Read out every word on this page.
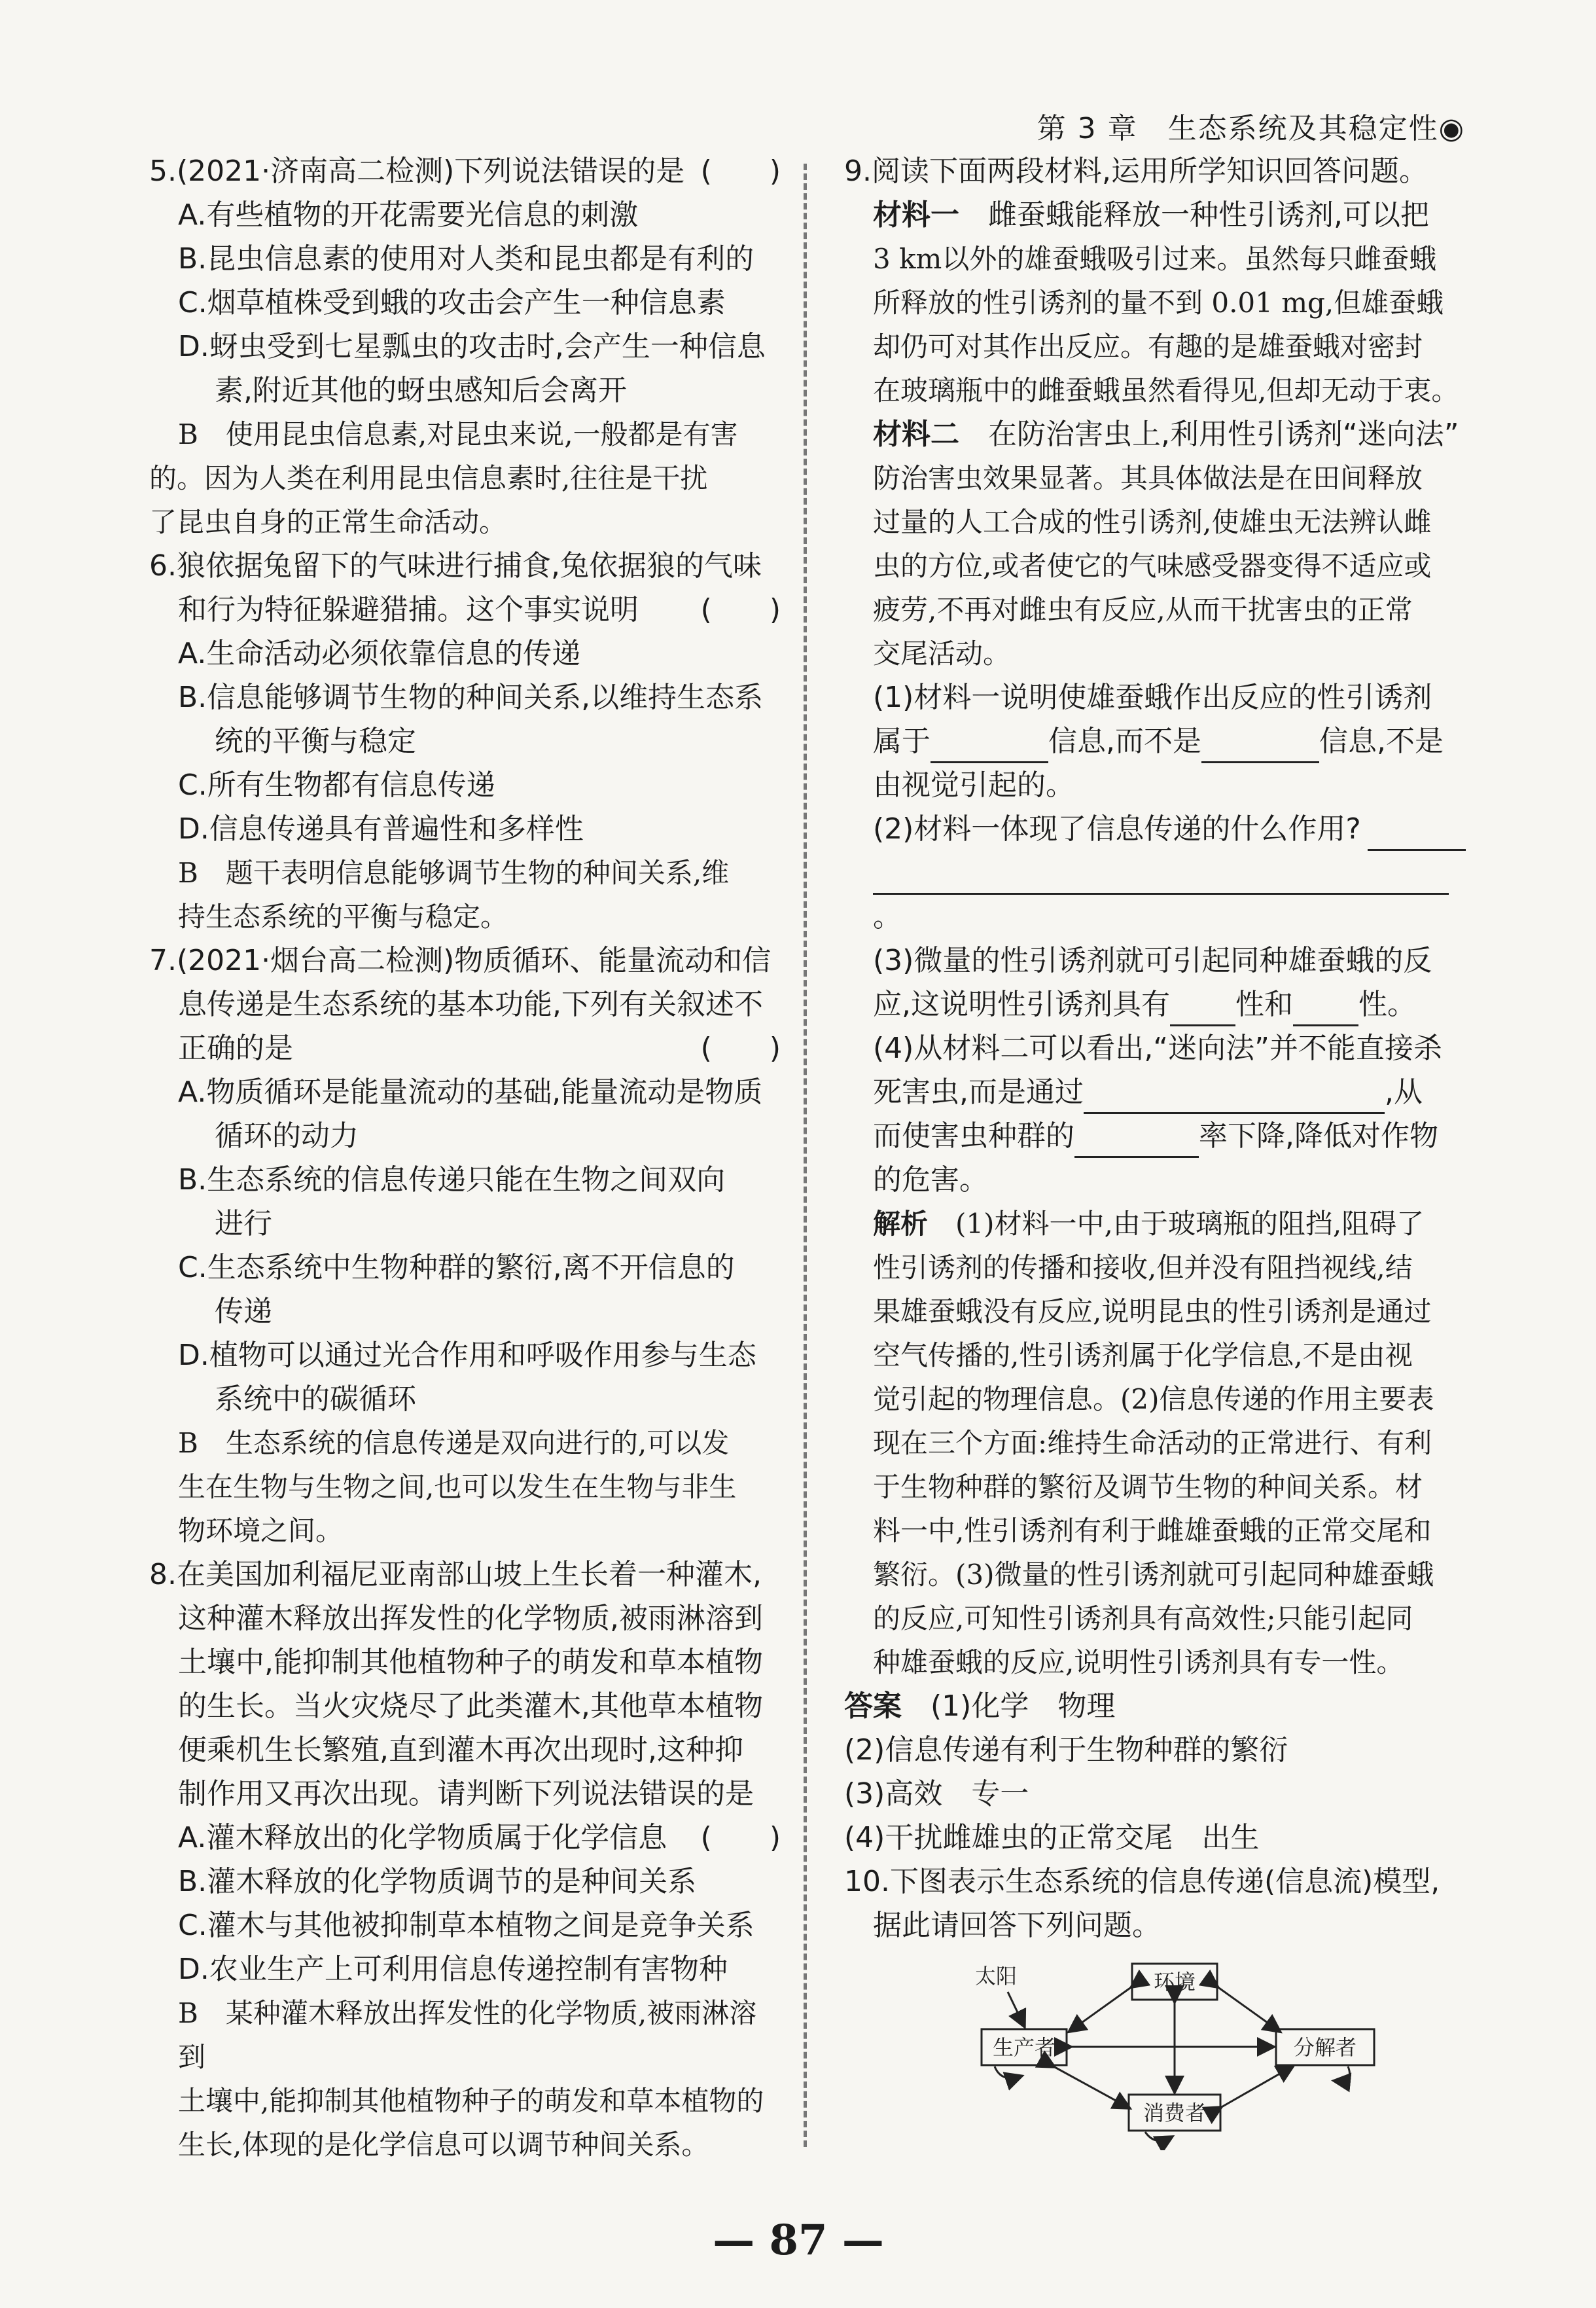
第 3 章　生态系统及其稳定性◉

5.(2021·济南高二检测)下列说法错误的是 (　　)

A.有些植物的开花需要光信息的刺激

B.昆虫信息素的使用对人类和昆虫都是有利的

C.烟草植株受到蛾的攻击会产生一种信息素

D.蚜虫受到七星瓢虫的攻击时,会产生一种信息

素,附近其他的蚜虫感知后会离开

B　使用昆虫信息素,对昆虫来说,一般都是有害

的。因为人类在利用昆虫信息素时,往往是干扰

了昆虫自身的正常生命活动。

6.狼依据兔留下的气味进行捕食,兔依据狼的气味

和行为特征躲避猎捕。这个事实说明 (　　)

A.生命活动必须依靠信息的传递

B.信息能够调节生物的种间关系,以维持生态系

统的平衡与稳定

C.所有生物都有信息传递

D.信息传递具有普遍性和多样性

B　题干表明信息能够调节生物的种间关系,维

持生态系统的平衡与稳定。

7.(2021·烟台高二检测)物质循环、能量流动和信

息传递是生态系统的基本功能,下列有关叙述不

正确的是	(　　)

A.物质循环是能量流动的基础,能量流动是物质

循环的动力

B.生态系统的信息传递只能在生物之间双向

进行

C.生态系统中生物种群的繁衍,离不开信息的

传递

D.植物可以通过光合作用和呼吸作用参与生态

系统中的碳循环

B　生态系统的信息传递是双向进行的,可以发

生在生物与生物之间,也可以发生在生物与非生

物环境之间。

8.在美国加利福尼亚南部山坡上生长着一种灌木,

这种灌木释放出挥发性的化学物质,被雨淋溶到

土壤中,能抑制其他植物种子的萌发和草本植物

的生长。当火灾烧尽了此类灌木,其他草本植物

便乘机生长繁殖,直到灌木再次出现时,这种抑

制作用又再次出现。请判断下列说法错误的是

(　　)

A.灌木释放出的化学物质属于化学信息

B.灌木释放的化学物质调节的是种间关系

C.灌木与其他被抑制草本植物之间是竞争关系

D.农业生产上可利用信息传递控制有害物种

B　某种灌木释放出挥发性的化学物质,被雨淋溶到

土壤中,能抑制其他植物种子的萌发和草本植物的

生长,体现的是化学信息可以调节种间关系。

9.阅读下面两段材料,运用所学知识回答问题。

材料一　 雌蚕蛾能释放一种性引诱剂,可以把

3 km以外的雄蚕蛾吸引过来。虽然每只雌蚕蛾

所释放的性引诱剂的量不到 0.01 mg,但雄蚕蛾

却仍可对其作出反应。有趣的是雄蚕蛾对密封

在玻璃瓶中的雌蚕蛾虽然看得见,但却无动于衷。

材料二　 在防治害虫上,利用性引诱剂“迷向法”

防治害虫效果显著。其具体做法是在田间释放

过量的人工合成的性引诱剂,使雄虫无法辨认雌

虫的方位,或者使它的气味感受器变得不适应或

疲劳,不再对雌虫有反应,从而干扰害虫的正常

交尾活动。

(1)材料一说明使雄蚕蛾作出反应的性引诱剂

属于	信息,而不是	信息,不是

由视觉引起的。

(2)材料一体现了信息传递的什么作用?

。

(3)微量的性引诱剂就可引起同种雄蚕蛾的反

应,这说明性引诱剂具有 性和 性。

(4)从材料二可以看出,“迷向法”并不能直接杀

死害虫,而是通过	,从

而使害虫种群的	率下降,降低对作物

的危害。

解析　 (1)材料一中,由于玻璃瓶的阻挡,阻碍了

性引诱剂的传播和接收,但并没有阻挡视线,结

果雄蚕蛾没有反应,说明昆虫的性引诱剂是通过

空气传播的,性引诱剂属于化学信息,不是由视

觉引起的物理信息。(2)信息传递的作用主要表

现在三个方面:维持生命活动的正常进行、有利

于生物种群的繁衍及调节生物的种间关系。材

料一中,性引诱剂有利于雌雄蚕蛾的正常交尾和

繁衍。(3)微量的性引诱剂就可引起同种雄蚕蛾

的反应,可知性引诱剂具有高效性;只能引起同

种雄蚕蛾的反应,说明性引诱剂具有专一性。

答案　 (1)化学　物理

(2)信息传递有利于生物种群的繁衍

(3)高效　专一

(4)干扰雌雄虫的正常交尾　出生

10.下图表示生态系统的信息传递(信息流)模型,

据此请回答下列问题。

太阳	环境
生产者	分解者
消费者
— 87 —
